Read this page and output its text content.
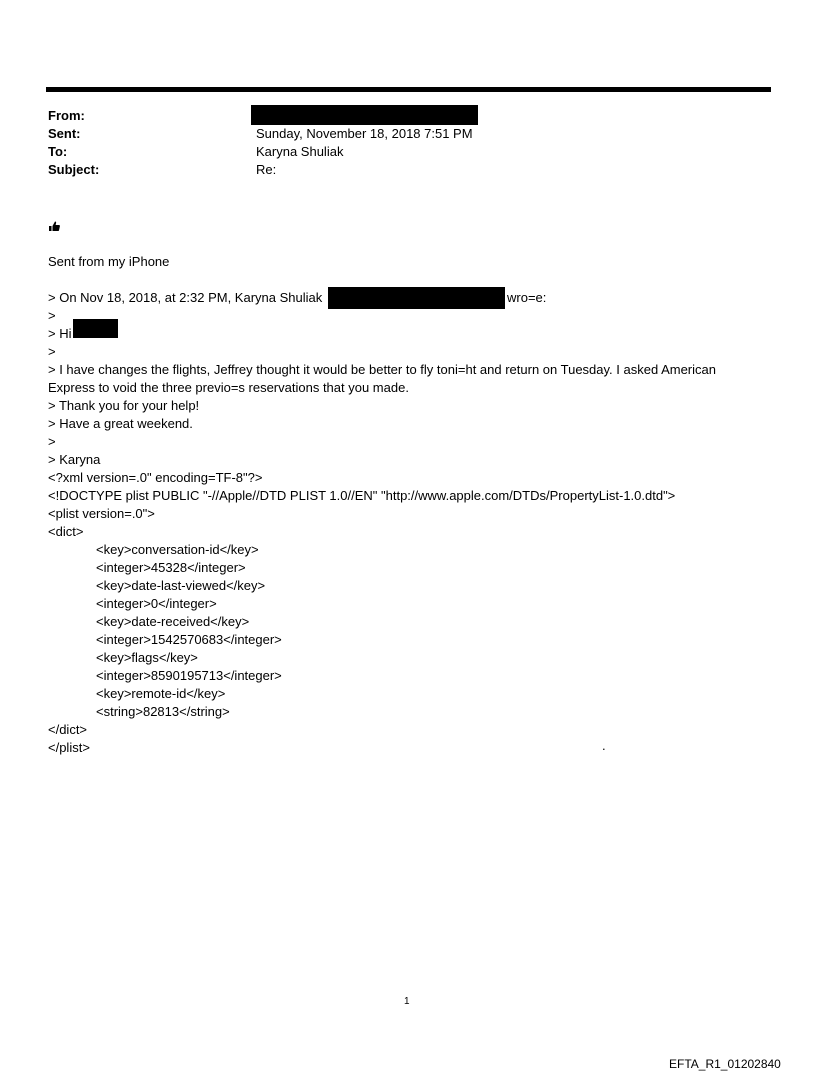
From:
Sent:	Sunday, November 18, 2018 7:51 PM
To:	Karyna Shuliak
Subject:	Re:
Sent from my iPhone
> On Nov 18, 2018, at 2:32 PM, Karyna Shuliak	wro=e:
>
> Hi
>
> I have changes the flights, Jeffrey thought it would be better to fly toni=ht and return on Tuesday. I asked American Express to void the three previo=s reservations that you made.
> Thank you for your help!
> Have a great weekend.
>
> Karyna
<?xml version=.0" encoding=TF-8"?>
<!DOCTYPE plist PUBLIC "-//Apple//DTD PLIST 1.0//EN" "http://www.apple.com/DTDs/PropertyList-1.0.dtd">
<plist version=.0">
<dict>
<key>conversation-id</key>
<integer>45328</integer>
<key>date-last-viewed</key>
<integer>0</integer>
<key>date-received</key>
<integer>1542570683</integer>
<key>flags</key>
<integer>8590195713</integer>
<key>remote-id</key>
<string>82813</string>
</dict>
</plist>	.
1
EFTA_R1_01202840
